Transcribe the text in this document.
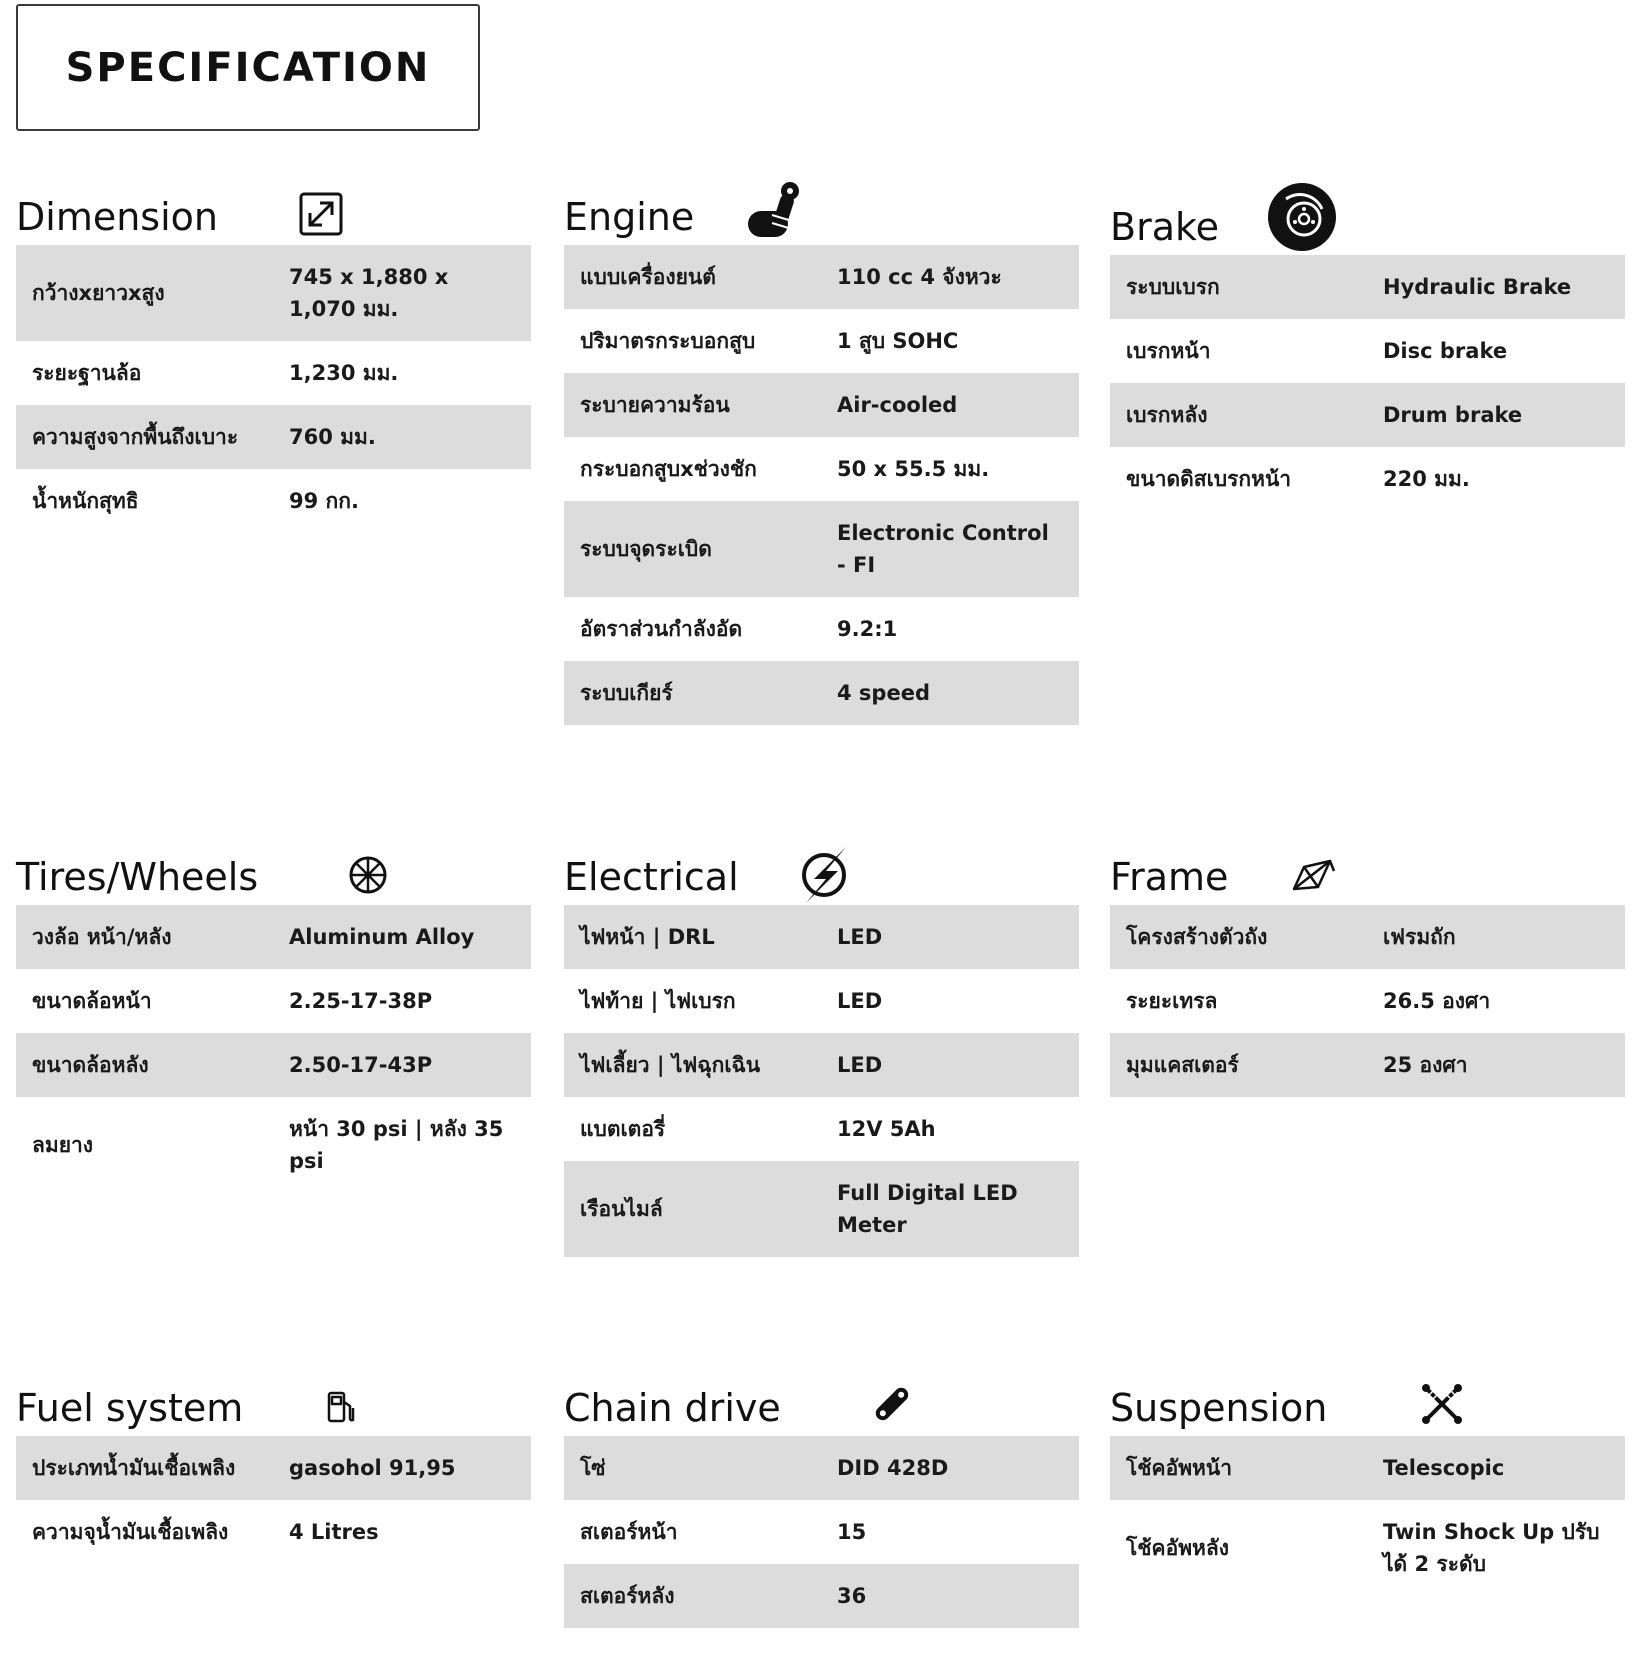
SPECIFICATION
Dimension
กว้างxยาวxสูง	745 x 1,880 x 1,070 มม.
ระยะฐานล้อ	1,230 มม.
ความสูงจากพื้นถึงเบาะ	760 มม.
น้ำหนักสุทธิ	99 กก.
Engine
แบบเครื่องยนต์	110 cc 4 จังหวะ
ปริมาตรกระบอกสูบ	1 สูบ SOHC
ระบายความร้อน	Air-cooled
กระบอกสูบxช่วงชัก	50 x 55.5 มม.
ระบบจุดระเบิด	Electronic Control - FI
อัตราส่วนกำลังอัด	9.2:1
ระบบเกียร์	4 speed
Brake
ระบบเบรก	Hydraulic Brake
เบรกหน้า	Disc brake
เบรกหลัง	Drum brake
ขนาดดิสเบรกหน้า	220 มม.
Tires/Wheels
วงล้อ หน้า/หลัง	Aluminum Alloy
ขนาดล้อหน้า	2.25-17-38P
ขนาดล้อหลัง	2.50-17-43P
ลมยาง	หน้า 30 psi | หลัง 35 psi
Electrical
ไฟหน้า | DRL	LED
ไฟท้าย | ไฟเบรก	LED
ไฟเลี้ยว | ไฟฉุกเฉิน	LED
แบตเตอรี่	12V 5Ah
เรือนไมล์	Full Digital LED Meter
Frame
โครงสร้างตัวถัง	เฟรมถัก
ระยะเทรล	26.5 องศา
มุมแคสเตอร์	25 องศา
Fuel system
ประเภทน้ำมันเชื้อเพลิง	gasohol 91,95
ความจุน้ำมันเชื้อเพลิง	4 Litres
Chain drive
โซ่	DID 428D
สเตอร์หน้า	15
สเตอร์หลัง	36
Suspension
โช้คอัพหน้า	Telescopic
โช้คอัพหลัง	Twin Shock Up ปรับได้ 2 ระดับ
